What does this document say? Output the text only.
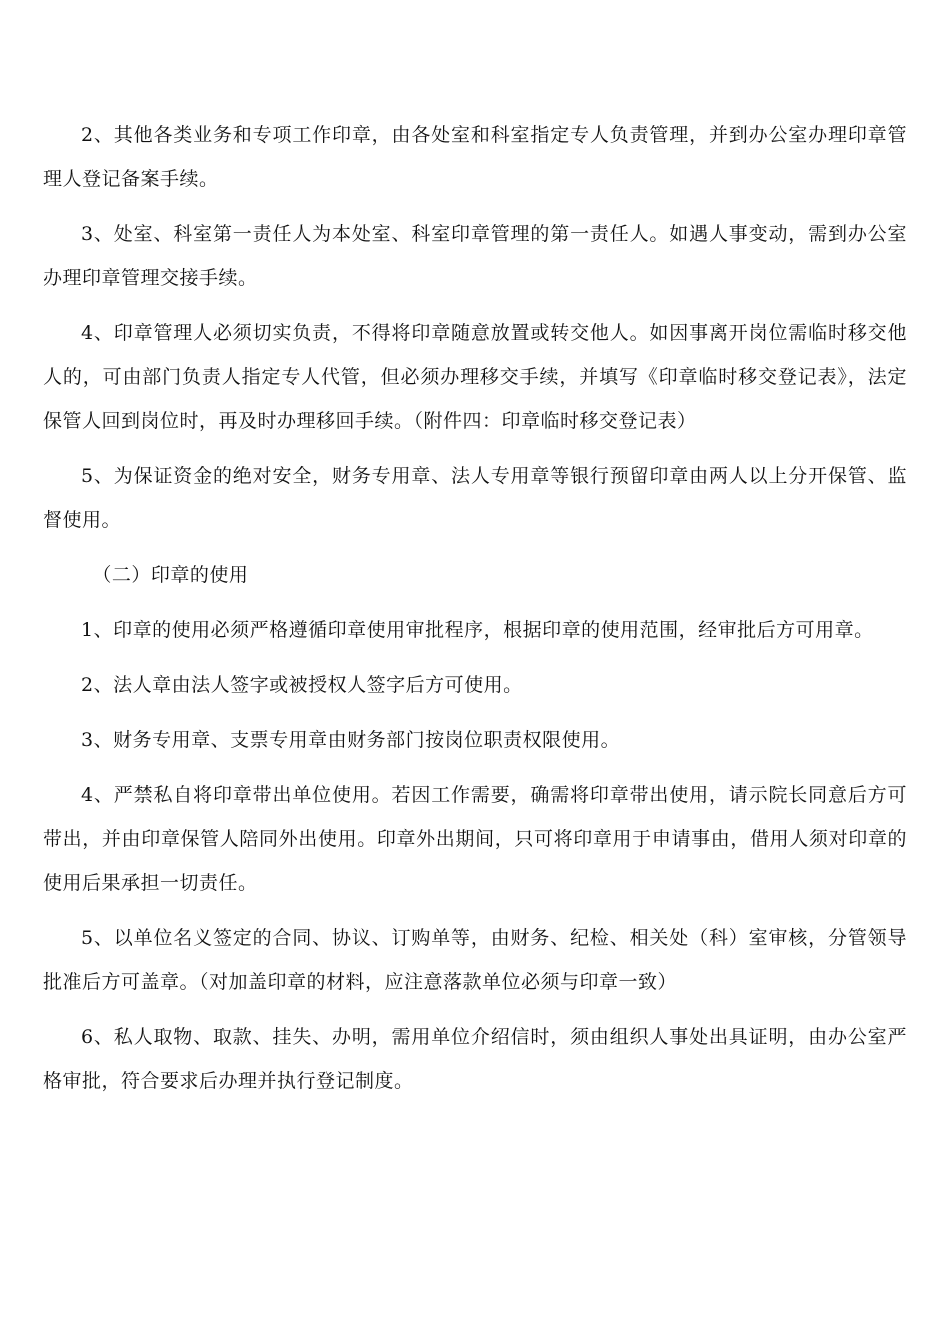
2、其他各类业务和专项工作印章，由各处室和科室指定专人负责管理，并到办公室办理印章管理人登记备案手续。

3、处室、科室第一责任人为本处室、科室印章管理的第一责任人。如遇人事变动，需到办公室办理印章管理交接手续。

4、印章管理人必须切实负责，不得将印章随意放置或转交他人。如因事离开岗位需临时移交他人的，可由部门负责人指定专人代管，但必须办理移交手续，并填写《印章临时移交登记表》，法定保管人回到岗位时，再及时办理移回手续。（附件四：印章临时移交登记表）

5、为保证资金的绝对安全，财务专用章、法人专用章等银行预留印章由两人以上分开保管、监督使用。

（二）印章的使用

1、印章的使用必须严格遵循印章使用审批程序，根据印章的使用范围，经审批后方可用章。

2、法人章由法人签字或被授权人签字后方可使用。

3、财务专用章、支票专用章由财务部门按岗位职责权限使用。

4、严禁私自将印章带出单位使用。若因工作需要，确需将印章带出使用，请示院长同意后方可带出，并由印章保管人陪同外出使用。印章外出期间，只可将印章用于申请事由，借用人须对印章的使用后果承担一切责任。

5、以单位名义签定的合同、协议、订购单等，由财务、纪检、相关处（科）室审核，分管领导批准后方可盖章。（对加盖印章的材料，应注意落款单位必须与印章一致）

6、私人取物、取款、挂失、办明，需用单位介绍信时，须由组织人事处出具证明，由办公室严格审批，符合要求后办理并执行登记制度。
